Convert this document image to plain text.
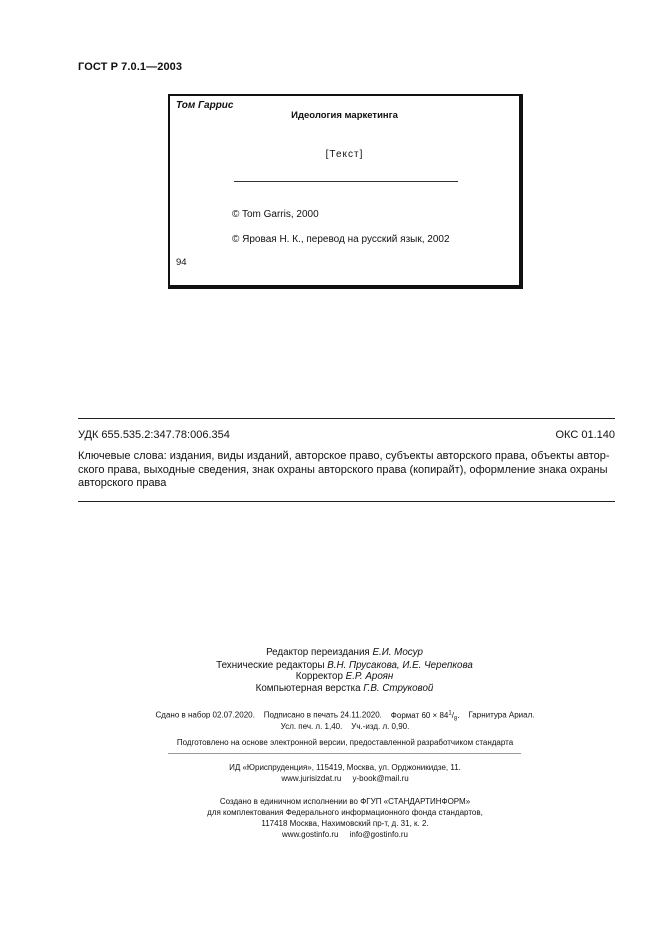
ГОСТ Р 7.0.1—2003
Том Гаррис
Идеология маркетинга
[Текст]
© Tom Garris, 2000
© Яровая Н. К., перевод на русский язык, 2002
94
УДК 655.535.2:347.78:006.354	ОКС 01.140
Ключевые слова: издания, виды изданий, авторское право, субъекты авторского права, объекты автор-ского права, выходные сведения, знак охраны авторского права (копирайт), оформление знака охраны авторского права
Редактор переиздания Е.И. Мосур
Технические редакторы В.Н. Прусакова, И.Е. Черепкова
Корректор Е.Р. Ароян
Компьютерная верстка Г.В. Струковой
Сдано в набор 02.07.2020. Подписано в печать 24.11.2020. Формат $60 \times 84^1/_8$. Гарнитура Ариал.
Усл. печ. л. 1,40. Уч.-изд. л. 0,90.
Подготовлено на основе электронной версии, предоставленной разработчиком стандарта
ИД «Юриспруденция», 115419, Москва, ул. Орджоникидзе, 11.
www.jurisizdat.ru y-book@mail.ru
Создано в единичном исполнении во ФГУП «СТАНДАРТИНФОРМ»
для комплектования Федерального информационного фонда стандартов,
117418 Москва, Нахимовский пр-т, д. 31, к. 2.
www.gostinfo.ru info@gostinfo.ru
